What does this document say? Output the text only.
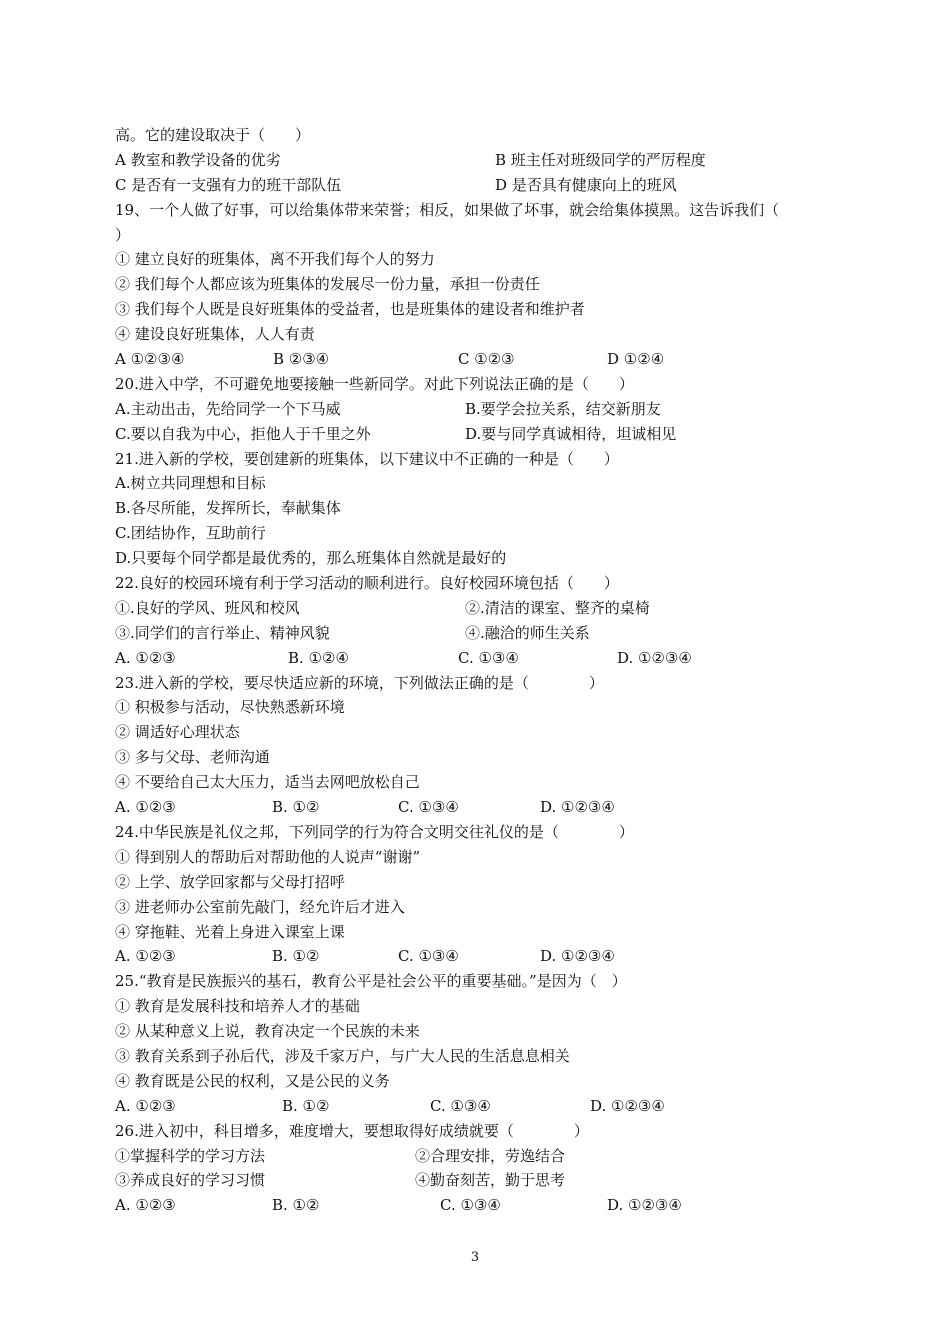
高。它的建设取决于（　　）
A 教室和教学设备的优劣	B 班主任对班级同学的严厉程度
C 是否有一支强有力的班干部队伍	D 是否具有健康向上的班风
19、一个人做了好事，可以给集体带来荣誉；相反，如果做了坏事，就会给集体摸黑。这告诉我们（
）
① 建立良好的班集体，离不开我们每个人的努力
② 我们每个人都应该为班集体的发展尽一份力量，承担一份责任
③ 我们每个人既是良好班集体的受益者，也是班集体的建设者和维护者
④ 建设良好班集体，人人有责
A ①②③④	B ②③④	C ①②③	D ①②④
20.进入中学，不可避免地要接触一些新同学。对此下列说法正确的是（　　）
A.主动出击，先给同学一个下马威	B.要学会拉关系，结交新朋友
C.要以自我为中心，拒他人于千里之外	D.要与同学真诚相待，坦诚相见
21.进入新的学校，要创建新的班集体，以下建议中不正确的一种是（　　）
A.树立共同理想和目标
B.各尽所能，发挥所长，奉献集体
C.团结协作，互助前行
D.只要每个同学都是最优秀的，那么班集体自然就是最好的
22.良好的校园环境有利于学习活动的顺利进行。良好校园环境包括（　　）
①.良好的学风、班风和校风	②.清洁的课室、整齐的桌椅
③.同学们的言行举止、精神风貌	④.融洽的师生关系
A. ①②③	B. ①②④	C. ①③④	D. ①②③④
23.进入新的学校，要尽快适应新的环境，下列做法正确的是（　　　　）
① 积极参与活动，尽快熟悉新环境
② 调适好心理状态
③ 多与父母、老师沟通
④ 不要给自己太大压力，适当去网吧放松自己
A. ①②③	B. ①②	C. ①③④	D. ①②③④
24.中华民族是礼仪之邦，下列同学的行为符合文明交往礼仪的是（　　　　）
① 得到别人的帮助后对帮助他的人说声“谢谢”
② 上学、放学回家都与父母打招呼
③ 进老师办公室前先敲门，经允许后才进入
④ 穿拖鞋、光着上身进入课室上课
A. ①②③	B. ①②	C. ①③④	D. ①②③④
25.“教育是民族振兴的基石，教育公平是社会公平的重要基础。”是因为（　）
① 教育是发展科技和培养人才的基础
② 从某种意义上说，教育决定一个民族的未来
③ 教育关系到子孙后代，涉及千家万户，与广大人民的生活息息相关
④ 教育既是公民的权利，又是公民的义务
A. ①②③	B. ①②	C. ①③④	D. ①②③④
26.进入初中，科目增多，难度增大，要想取得好成绩就要（　　　　）
①掌握科学的学习方法	②合理安排，劳逸结合
③养成良好的学习习惯	④勤奋刻苦，勤于思考
A. ①②③	B. ①②	C. ①③④	D. ①②③④
3
